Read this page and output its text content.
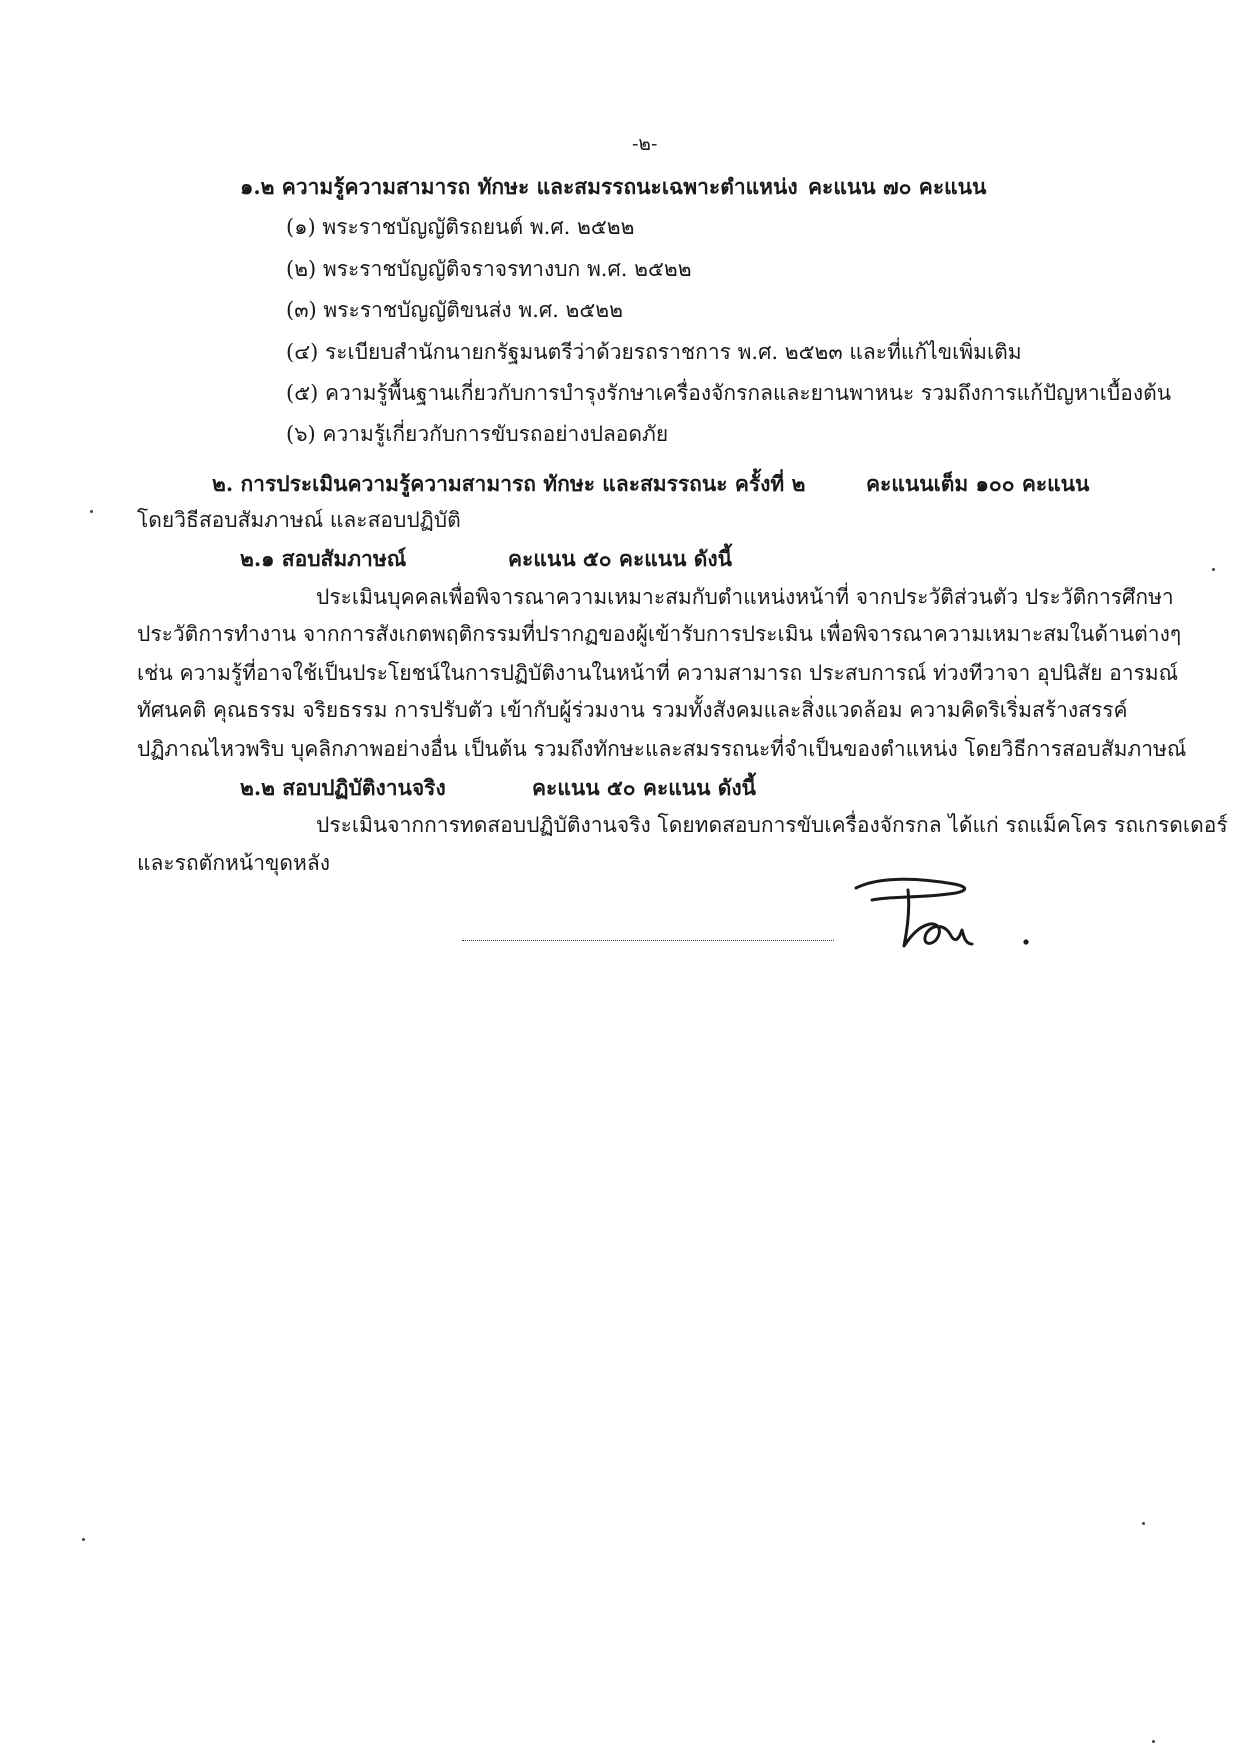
-๒-
๑.๒ ความรู้ความสามารถ ทักษะ และสมรรถนะเฉพาะตำแหน่ง คะแนน ๗๐ คะแนน
(๑) พระราชบัญญัติรถยนต์ พ.ศ. ๒๕๒๒
(๒) พระราชบัญญัติจราจรทางบก พ.ศ. ๒๕๒๒
(๓) พระราชบัญญัติขนส่ง พ.ศ. ๒๕๒๒
(๔) ระเบียบสำนักนายกรัฐมนตรีว่าด้วยรถราชการ พ.ศ. ๒๕๒๓ และที่แก้ไขเพิ่มเติม
(๕) ความรู้พื้นฐานเกี่ยวกับการบำรุงรักษาเครื่องจักรกลและยานพาหนะ รวมถึงการแก้ปัญหาเบื้องต้น
(๖) ความรู้เกี่ยวกับการขับรถอย่างปลอดภัย
๒. การประเมินความรู้ความสามารถ ทักษะ และสมรรถนะ ครั้งที่ ๒	คะแนนเต็ม ๑๐๐ คะแนน
โดยวิธีสอบสัมภาษณ์ และสอบปฏิบัติ
๒.๑ สอบสัมภาษณ์	คะแนน ๕๐ คะแนน ดังนี้
ประเมินบุคคลเพื่อพิจารณาความเหมาะสมกับตำแหน่งหน้าที่ จากประวัติส่วนตัว ประวัติการศึกษา
ประวัติการทำงาน จากการสังเกตพฤติกรรมที่ปรากฏของผู้เข้ารับการประเมิน เพื่อพิจารณาความเหมาะสมในด้านต่างๆ
เช่น ความรู้ที่อาจใช้เป็นประโยชน์ในการปฏิบัติงานในหน้าที่ ความสามารถ ประสบการณ์ ท่วงทีวาจา อุปนิสัย อารมณ์
ทัศนคติ คุณธรรม จริยธรรม การปรับตัว เข้ากับผู้ร่วมงาน รวมทั้งสังคมและสิ่งแวดล้อม ความคิดริเริ่มสร้างสรรค์
ปฏิภาณไหวพริบ บุคลิกภาพอย่างอื่น เป็นต้น รวมถึงทักษะและสมรรถนะที่จำเป็นของตำแหน่ง โดยวิธีการสอบสัมภาษณ์
๒.๒ สอบปฏิบัติงานจริง	คะแนน ๕๐ คะแนน ดังนี้
ประเมินจากการทดสอบปฏิบัติงานจริง โดยทดสอบการขับเครื่องจักรกล ได้แก่ รถแม็คโคร รถเกรดเดอร์
และรถตักหน้าขุดหลัง
